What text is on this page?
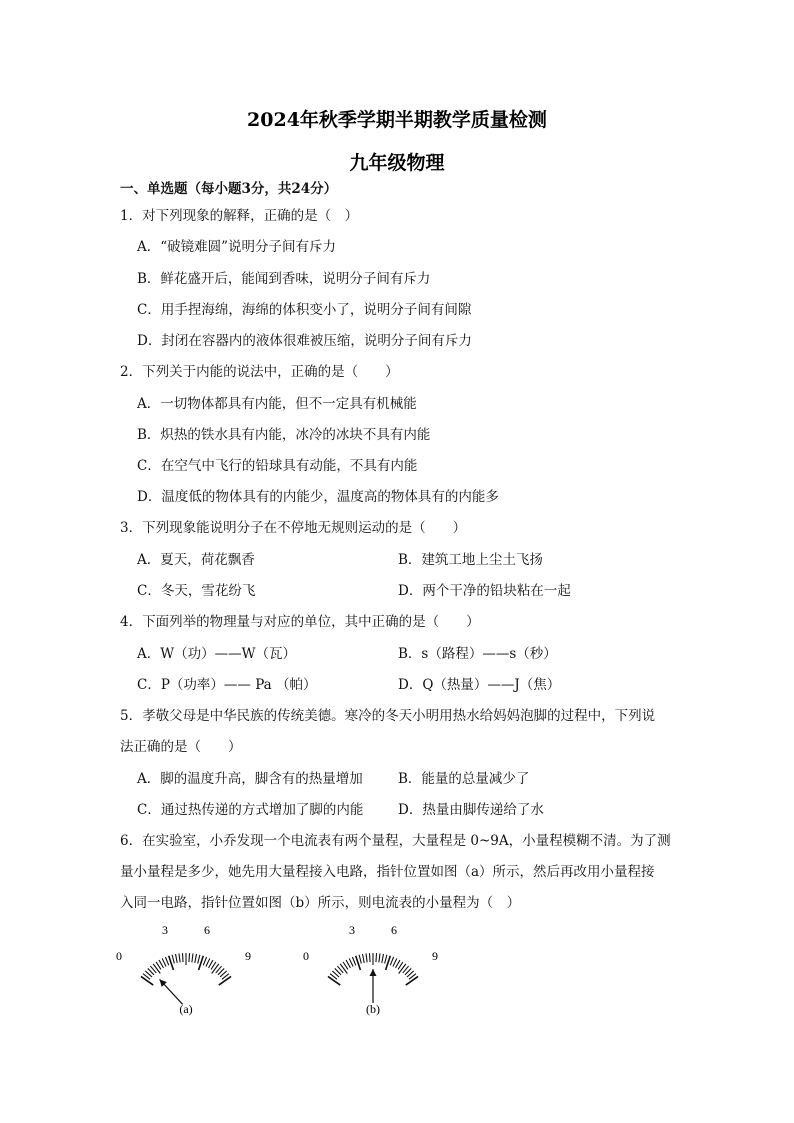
2024年秋季学期半期教学质量检测
九年级物理
一、单选题（每小题3分，共24分）
1．对下列现象的解释，正确的是（　）
A．“破镜难圆”说明分子间有斥力
B．鲜花盛开后，能闻到香味，说明分子间有斥力
C．用手捏海绵，海绵的体积变小了，说明分子间有间隙
D．封闭在容器内的液体很难被压缩，说明分子间有斥力
2．下列关于内能的说法中，正确的是（　　）
A．一切物体都具有内能，但不一定具有机械能
B．炽热的铁水具有内能，冰冷的冰块不具有内能
C．在空气中飞行的铅球具有动能，不具有内能
D．温度低的物体具有的内能少，温度高的物体具有的内能多
3．下列现象能说明分子在不停地无规则运动的是（　　）
A．夏天，荷花飘香	B．建筑工地上尘土飞扬
C．冬天，雪花纷飞	D．两个干净的铅块粘在一起
4．下面列举的物理量与对应的单位，其中正确的是（　　）
A．W（功）——W（瓦）	B．s（路程）——s（秒）
C．P（功率）—— Pa （帕）	D．Q（热量）——J（焦）
5．孝敬父母是中华民族的传统美德。寒冷的冬天小明用热水给妈妈泡脚的过程中，下列说
法正确的是（　　）
A．脚的温度升高，脚含有的热量增加	B．能量的总量减少了
C．通过热传递的方式增加了脚的内能	D．热量由脚传递给了水
6．在实验室，小乔发现一个电流表有两个量程，大量程是 0~9A，小量程模糊不清。为了测
量小量程是多少，她先用大量程接入电路，指针位置如图（a）所示，然后再改用小量程接
入同一电路，指针位置如图（b）所示，则电流表的小量程为（　）
0
3	6
9
(a)
0
3	6
9
(b)
